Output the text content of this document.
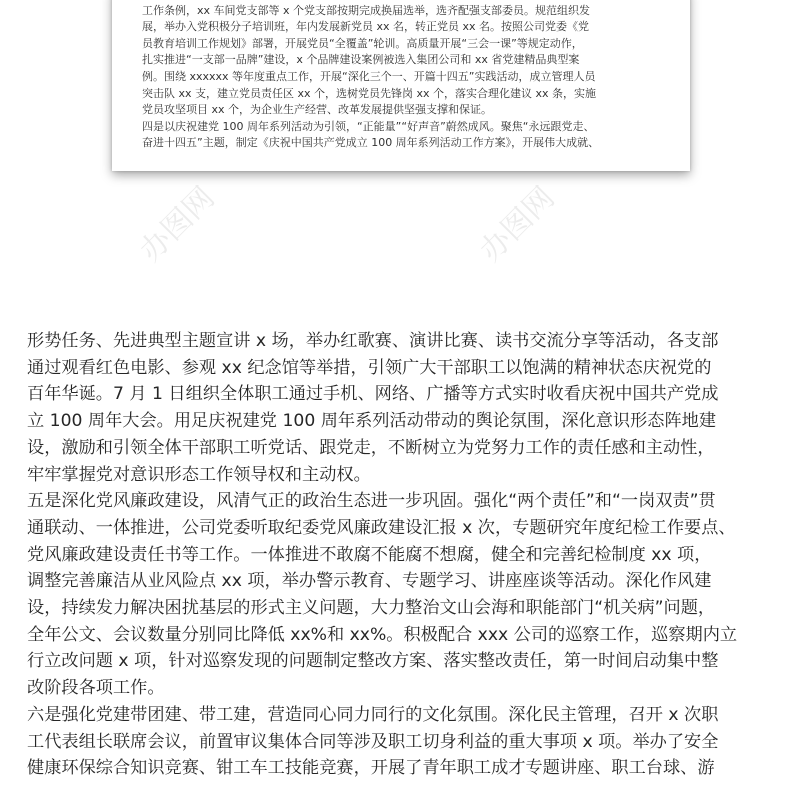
工作条例，xx 车间党支部等 x 个党支部按期完成换届选举，选齐配强支部委员。规范组织发
展，举办入党积极分子培训班，年内发展新党员 xx 名，转正党员 xx 名。按照公司党委《党
员教育培训工作规划》部署，开展党员“全覆盖”轮训。高质量开展“三会一课”等规定动作，
扎实推进“一支部一品牌”建设，x 个品牌建设案例被选入集团公司和 xx 省党建精品典型案
例。围绕 xxxxxx 等年度重点工作，开展“深化三个一、开篇十四五”实践活动，成立管理人员
突击队 xx 支，建立党员责任区 xx 个，选树党员先锋岗 xx 个，落实合理化建议 xx 条，实施
党员攻坚项目 xx 个，为企业生产经营、改革发展提供坚强支撑和保证。
四是以庆祝建党 100 周年系列活动为引领，“正能量”“好声音”蔚然成风。聚焦“永远跟党走、
奋进十四五”主题，制定《庆祝中国共产党成立 100 周年系列活动工作方案》，开展伟大成就、
办图网	办图网
形势任务、先进典型主题宣讲 x 场，举办红歌赛、演讲比赛、读书交流分享等活动，各支部
通过观看红色电影、参观 xx 纪念馆等举措，引领广大干部职工以饱满的精神状态庆祝党的
百年华诞。7 月 1 日组织全体职工通过手机、网络、广播等方式实时收看庆祝中国共产党成
立 100 周年大会。用足庆祝建党 100 周年系列活动带动的舆论氛围，深化意识形态阵地建
设，激励和引领全体干部职工听党话、跟党走，不断树立为党努力工作的责任感和主动性，
牢牢掌握党对意识形态工作领导权和主动权。
五是深化党风廉政建设，风清气正的政治生态进一步巩固。强化“两个责任”和“一岗双责”贯
通联动、一体推进，公司党委听取纪委党风廉政建设汇报 x 次，专题研究年度纪检工作要点、
党风廉政建设责任书等工作。一体推进不敢腐不能腐不想腐，健全和完善纪检制度 xx 项，
调整完善廉洁从业风险点 xx 项，举办警示教育、专题学习、讲座座谈等活动。深化作风建
设，持续发力解决困扰基层的形式主义问题，大力整治文山会海和职能部门“机关病”问题，
全年公文、会议数量分别同比降低 xx%和 xx%。积极配合 xxx 公司的巡察工作，巡察期内立
行立改问题 x 项，针对巡察发现的问题制定整改方案、落实整改责任，第一时间启动集中整
改阶段各项工作。
六是强化党建带团建、带工建，营造同心同力同行的文化氛围。深化民主管理，召开 x 次职
工代表组长联席会议，前置审议集体合同等涉及职工切身利益的重大事项 x 项。举办了安全
健康环保综合知识竞赛、钳工车工技能竞赛，开展了青年职工成才专题讲座、职工台球、游
